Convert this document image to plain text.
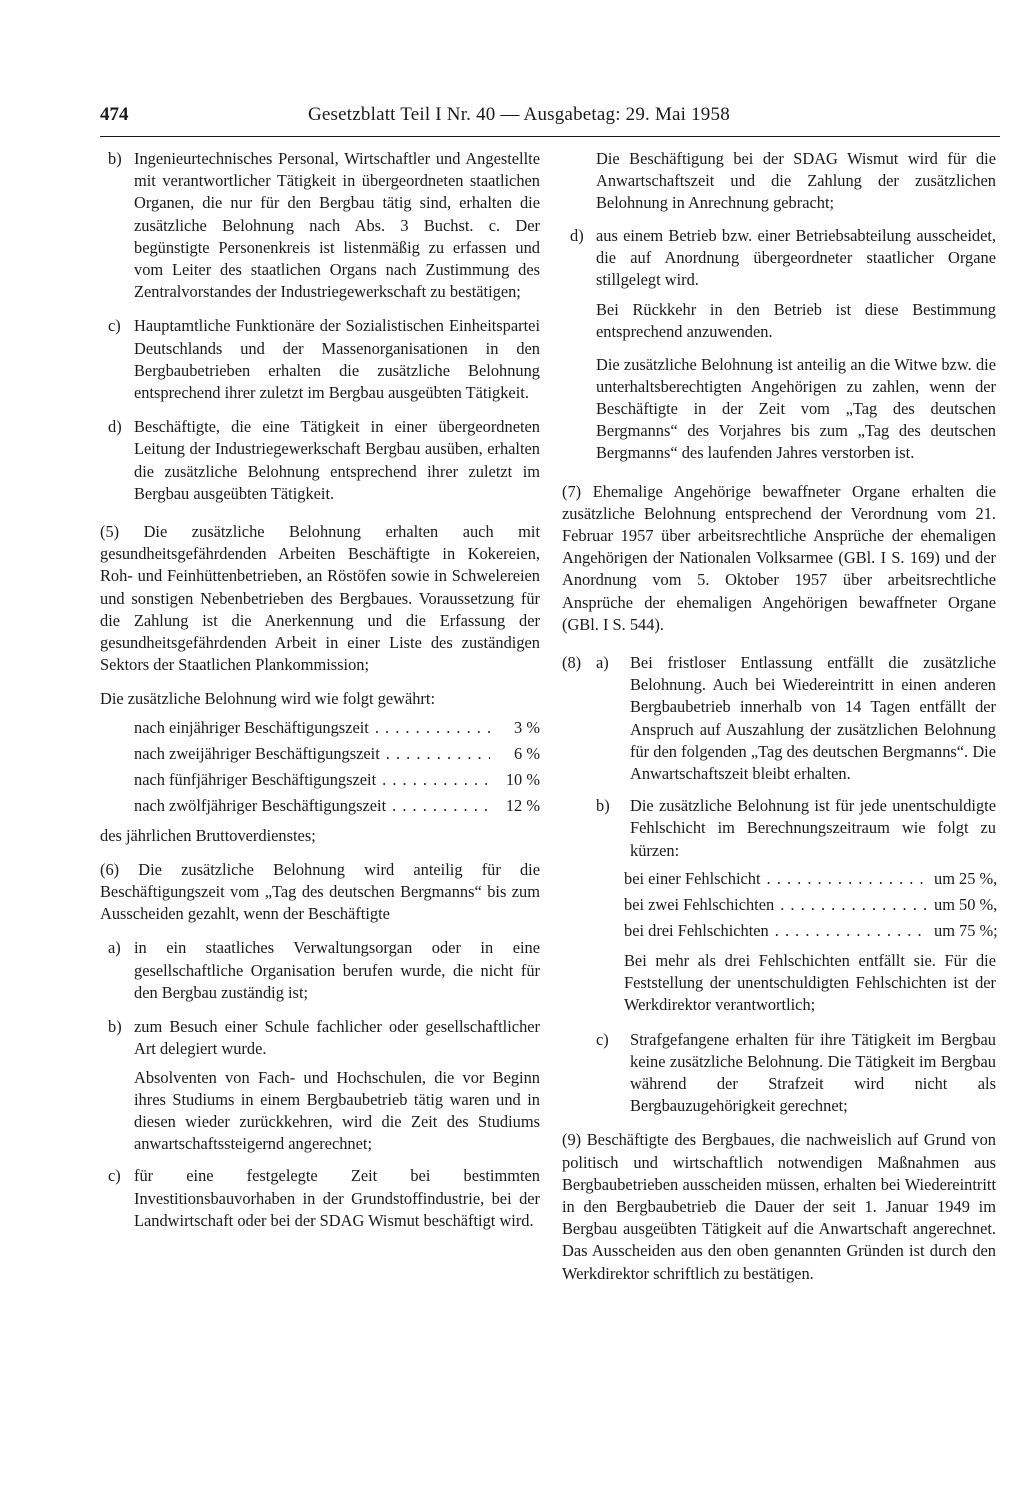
474	Gesetzblatt Teil I Nr. 40 — Ausgabetag: 29. Mai 1958
b) Ingenieurtechnisches Personal, Wirtschaftler und Angestellte mit verantwortlicher Tätigkeit in übergeordneten staatlichen Organen, die nur für den Bergbau tätig sind, erhalten die zusätzliche Belohnung nach Abs. 3 Buchst. c. Der begünstigte Personenkreis ist listenmäßig zu erfassen und vom Leiter des staatlichen Organs nach Zustimmung des Zentralvorstandes der Industriegewerkschaft zu bestätigen;
c) Hauptamtliche Funktionäre der Sozialistischen Einheitspartei Deutschlands und der Massenorganisationen in den Bergbaubetrieben erhalten die zusätzliche Belohnung entsprechend ihrer zuletzt im Bergbau ausgeübten Tätigkeit.
d) Beschäftigte, die eine Tätigkeit in einer übergeordneten Leitung der Industriegewerkschaft Bergbau ausüben, erhalten die zusätzliche Belohnung entsprechend ihrer zuletzt im Bergbau ausgeübten Tätigkeit.

(5) Die zusätzliche Belohnung erhalten auch mit gesundheitsgefährdenden Arbeiten Beschäftigte in Kokereien, Roh- und Feinhüttenbetrieben, an Röstöfen sowie in Schwelereien und sonstigen Nebenbetrieben des Bergbaues. Voraussetzung für die Zahlung ist die Anerkennung und die Erfassung der gesundheitsgefährdenden Arbeit in einer Liste des zuständigen Sektors der Staatlichen Plankommission;

Die zusätzliche Belohnung wird wie folgt gewährt:

nach einjähriger Beschäftigungszeit . . .	3 %
nach zweijähriger Beschäftigungszeit . . .	6 %
nach fünfjähriger Beschäftigungszeit . . .	10 %
nach zwölfjähriger Beschäftigungszeit . . .	12 %

des jährlichen Bruttoverdienstes;

(6) Die zusätzliche Belohnung wird anteilig für die Beschäftigungszeit vom „Tag des deutschen Bergmanns“ bis zum Ausscheiden gezahlt, wenn der Beschäftigte

a) in ein staatliches Verwaltungsorgan oder in eine gesellschaftliche Organisation berufen wurde, die nicht für den Bergbau zuständig ist;
b) zum Besuch einer Schule fachlicher oder gesellschaftlicher Art delegiert wurde.

Absolventen von Fach- und Hochschulen, die vor Beginn ihres Studiums in einem Bergbaubetrieb tätig waren und in diesen wieder zurückkehren, wird die Zeit des Studiums anwartschaftssteigernd angerechnet;

c) für eine festgelegte Zeit bei bestimmten Investitionsbauvorhaben in der Grundstoffindustrie, bei der Landwirtschaft oder bei der SDAG Wismut beschäftigt wird.

Die Beschäftigung bei der SDAG Wismut wird für die Anwartschaftszeit und die Zahlung der zusätzlichen Belohnung in Anrechnung gebracht;

d) aus einem Betrieb bzw. einer Betriebsabteilung ausscheidet, die auf Anordnung übergeordneter staatlicher Organe stillgelegt wird.

Bei Rückkehr in den Betrieb ist diese Bestimmung entsprechend anzuwenden.

Die zusätzliche Belohnung ist anteilig an die Witwe bzw. die unterhaltsberechtigten Angehörigen zu zahlen, wenn der Beschäftigte in der Zeit vom „Tag des deutschen Bergmanns“ des Vorjahres bis zum „Tag des deutschen Bergmanns“ des laufenden Jahres verstorben ist.

(7) Ehemalige Angehörige bewaffneter Organe erhalten die zusätzliche Belohnung entsprechend der Verordnung vom 21. Februar 1957 über arbeitsrechtliche Ansprüche der ehemaligen Angehörigen der Nationalen Volksarmee (GBl. I S. 169) und der Anordnung vom 5. Oktober 1957 über arbeitsrechtliche Ansprüche der ehemaligen Angehörigen bewaffneter Organe (GBl. I S. 544).

(8) a) Bei fristloser Entlassung entfällt die zusätzliche Belohnung. Auch bei Wiedereintritt in einen anderen Bergbaubetrieb innerhalb von 14 Tagen entfällt der Anspruch auf Auszahlung der zusätzlichen Belohnung für den folgenden „Tag des deutschen Bergmanns“. Die Anwartschaftszeit bleibt erhalten.
b) Die zusätzliche Belohnung ist für jede unentschuldigte Fehlschicht im Berechnungszeitraum wie folgt zu kürzen:
bei einer Fehlschicht . . .	um 25 %,
bei zwei Fehlschichten . . .	um 50 %,
bei drei Fehlschichten . . .	um 75 %;

Bei mehr als drei Fehlschichten entfällt sie. Für die Feststellung der unentschuldigten Fehlschichten ist der Werkdirektor verantwortlich;

c) Strafgefangene erhalten für ihre Tätigkeit im Bergbau keine zusätzliche Belohnung. Die Tätigkeit im Bergbau während der Strafzeit wird nicht als Bergbauzugehörigkeit gerechnet;

(9) Beschäftigte des Bergbaues, die nachweislich auf Grund von politisch und wirtschaftlich notwendigen Maßnahmen aus Bergbaubetrieben ausscheiden müssen, erhalten bei Wiedereintritt in den Bergbaubetrieb die Dauer der seit 1. Januar 1949 im Bergbau ausgeübten Tätigkeit auf die Anwartschaft angerechnet. Das Ausscheiden aus den oben genannten Gründen ist durch den Werkdirektor schriftlich zu bestätigen.
